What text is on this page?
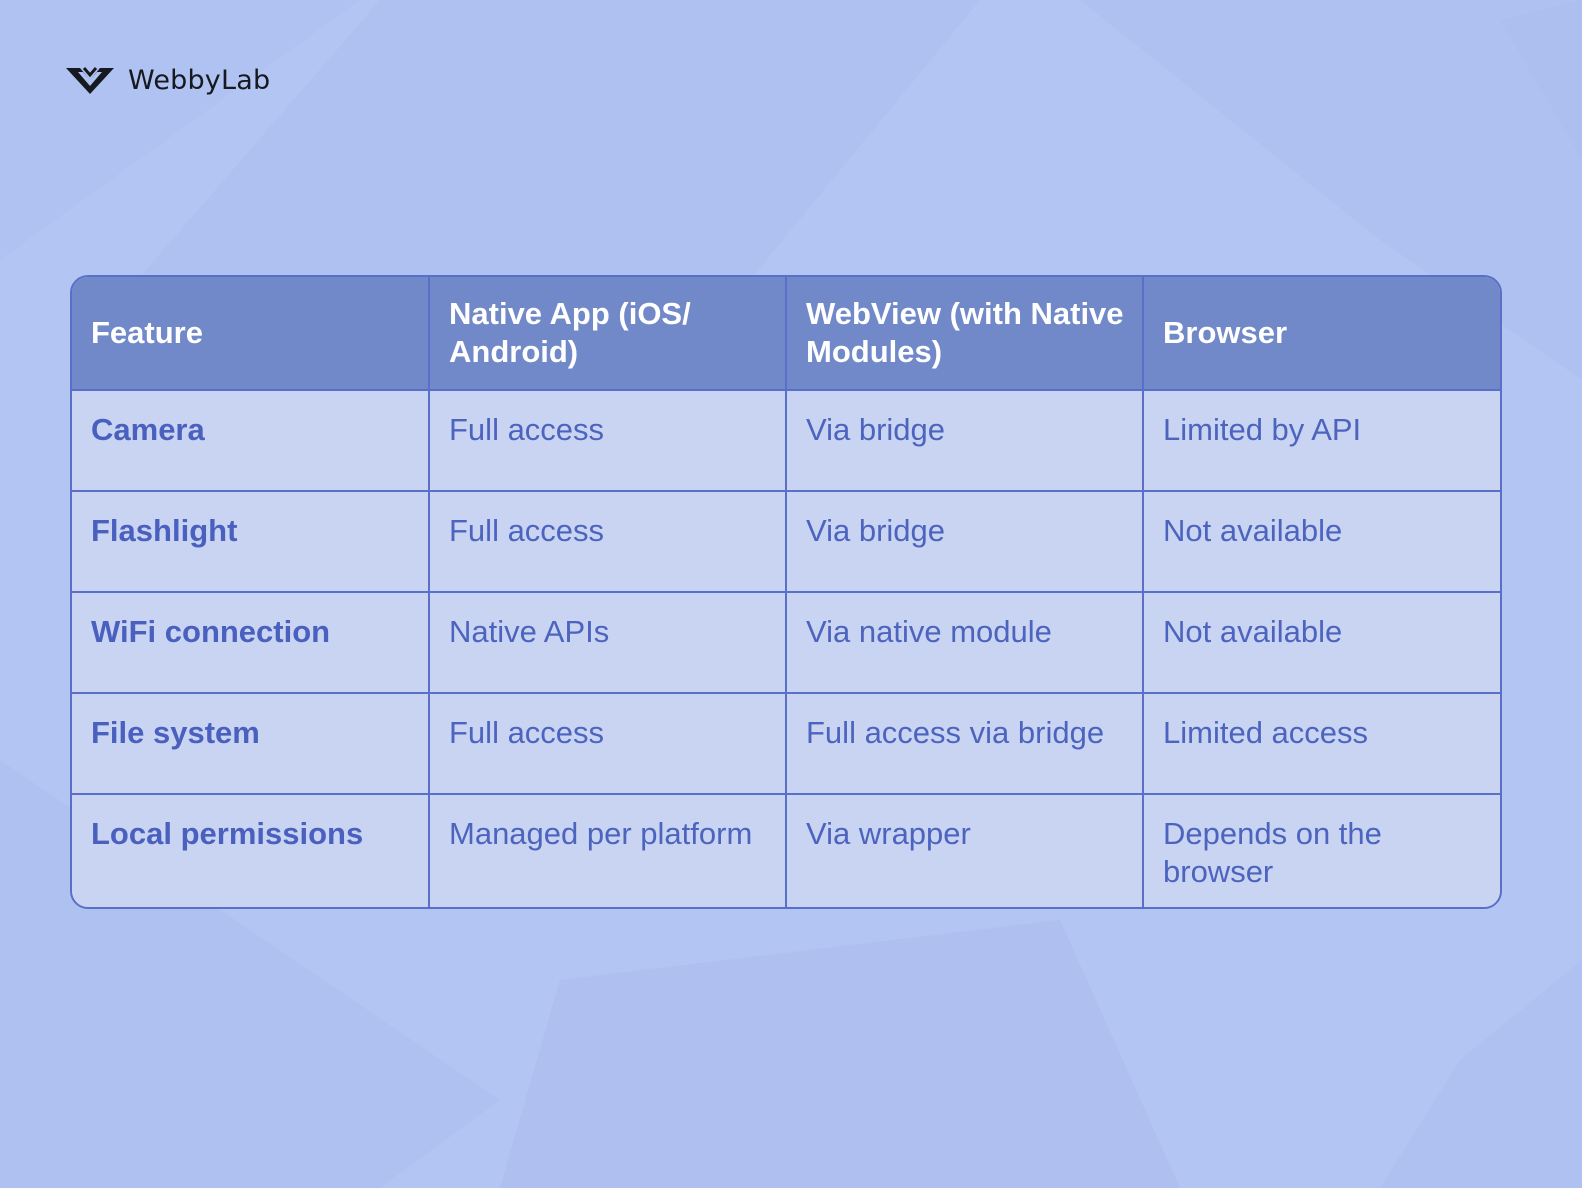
WebbyLab
Feature	Native App (iOS/ Android)	WebView (with Native Modules)	Browser
Camera	Full access	Via bridge	Limited by API
Flashlight	Full access	Via bridge	Not available
WiFi connection	Native APIs	Via native module	Not available
File system	Full access	Full access via bridge	Limited access
Local permissions	Managed per platform	Via wrapper	Depends on the browser
